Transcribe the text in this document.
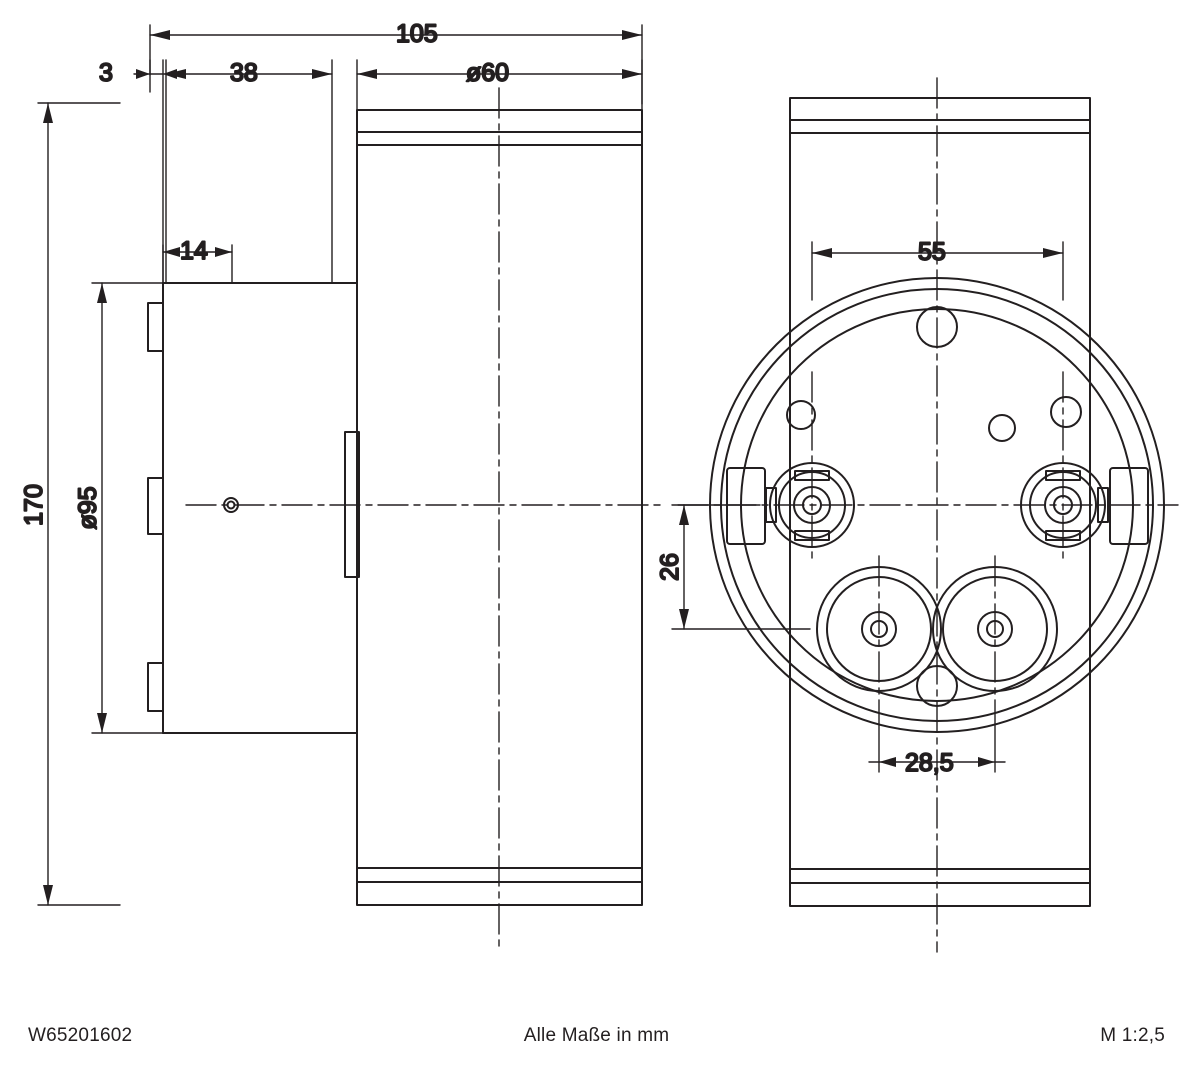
105
3	38	ø60
14
170 ø95
55
26
28,5
W65201602	Alle Maße in mm	M 1:2,5
